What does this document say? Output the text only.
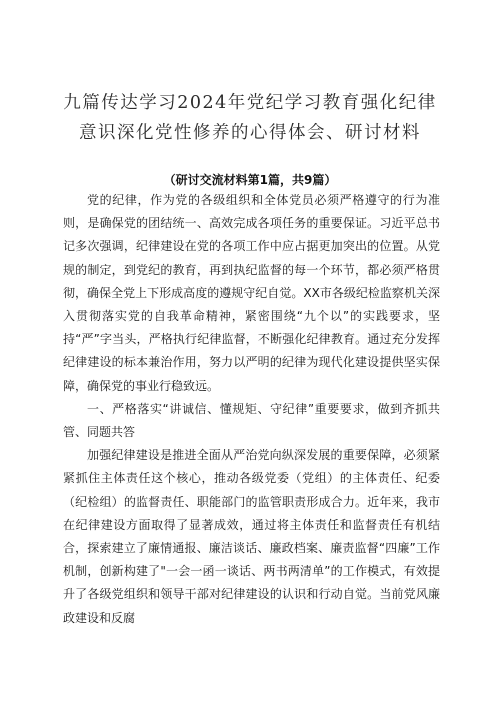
九篇传达学习2024年党纪学习教育强化纪律
意识深化党性修养的心得体会、研讨材料
（研讨交流材料第1篇，共9篇）

党的纪律，作为党的各级组织和全体党员必须严格遵守的行为准则，是确保党的团结统一、高效完成各项任务的重要保证。习近平总书记多次强调，纪律建设在党的各项工作中应占据更加突出的位置。从党规的制定，到党纪的教育，再到执纪监督的每一个环节，都必须严格贯彻，确保全党上下形成高度的遵规守纪自觉。XX市各级纪检监察机关深入贯彻落实党的自我革命精神，紧密围绕“九个以”的实践要求，坚持“严”字当头，严格执行纪律监督，不断强化纪律教育。通过充分发挥纪律建设的标本兼治作用，努力以严明的纪律为现代化建设提供坚实保障，确保党的事业行稳致远。

一、严格落实“讲诚信、懂规矩、守纪律”重要要求，做到齐抓共管、同题共答

加强纪律建设是推进全面从严治党向纵深发展的重要保障，必须紧紧抓住主体责任这个核心，推动各级党委（党组）的主体责任、纪委（纪检组）的监督责任、职能部门的监管职责形成合力。近年来，我市在纪律建设方面取得了显著成效，通过将主体责任和监督责任有机结合，探索建立了廉情通报、廉洁谈话、廉政档案、廉责监督“四廉”工作机制，创新构建了"一会一函一谈话、两书两清单”的工作模式，有效提升了各级党组织和领导干部对纪律建设的认识和行动自觉。当前党风廉政建设和反腐
